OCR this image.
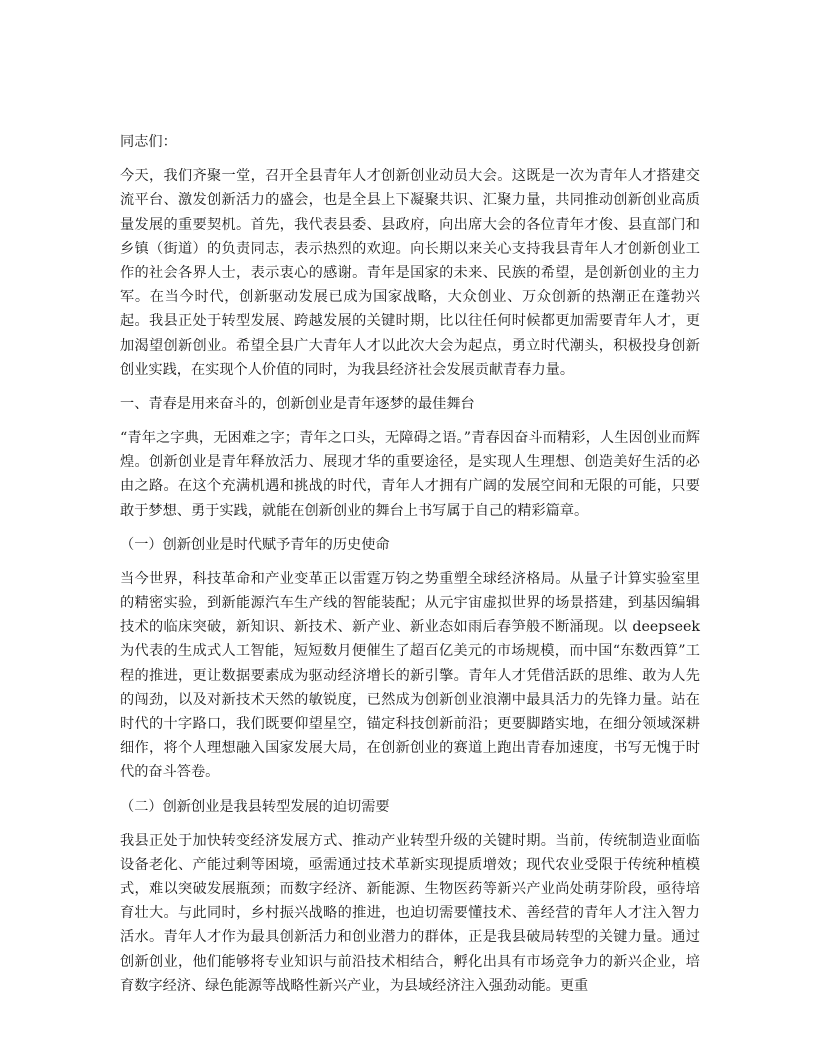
同志们：

今天，我们齐聚一堂，召开全县青年人才创新创业动员大会。这既是一次为青年人才搭建交流平台、激发创新活力的盛会，也是全县上下凝聚共识、汇聚力量，共同推动创新创业高质量发展的重要契机。首先，我代表县委、县政府，向出席大会的各位青年才俊、县直部门和乡镇（街道）的负责同志，表示热烈的欢迎。向长期以来关心支持我县青年人才创新创业工作的社会各界人士，表示衷心的感谢。青年是国家的未来、民族的希望，是创新创业的主力军。在当今时代，创新驱动发展已成为国家战略，大众创业、万众创新的热潮正在蓬勃兴起。我县正处于转型发展、跨越发展的关键时期，比以往任何时候都更加需要青年人才，更加渴望创新创业。希望全县广大青年人才以此次大会为起点，勇立时代潮头，积极投身创新创业实践，在实现个人价值的同时，为我县经济社会发展贡献青春力量。

一、青春是用来奋斗的，创新创业是青年逐梦的最佳舞台

“青年之字典，无困难之字；青年之口头，无障碍之语。”青春因奋斗而精彩，人生因创业而辉煌。创新创业是青年释放活力、展现才华的重要途径，是实现人生理想、创造美好生活的必由之路。在这个充满机遇和挑战的时代，青年人才拥有广阔的发展空间和无限的可能，只要敢于梦想、勇于实践，就能在创新创业的舞台上书写属于自己的精彩篇章。

（一）创新创业是时代赋予青年的历史使命

当今世界，科技革命和产业变革正以雷霆万钧之势重塑全球经济格局。从量子计算实验室里的精密实验，到新能源汽车生产线的智能装配；从元宇宙虚拟世界的场景搭建，到基因编辑技术的临床突破，新知识、新技术、新产业、新业态如雨后春笋般不断涌现。以 deepseek 为代表的生成式人工智能，短短数月便催生了超百亿美元的市场规模，而中国“东数西算”工程的推进，更让数据要素成为驱动经济增长的新引擎。青年人才凭借活跃的思维、敢为人先的闯劲，以及对新技术天然的敏锐度，已然成为创新创业浪潮中最具活力的先锋力量。站在时代的十字路口，我们既要仰望星空，锚定科技创新前沿；更要脚踏实地，在细分领域深耕细作，将个人理想融入国家发展大局，在创新创业的赛道上跑出青春加速度，书写无愧于时代的奋斗答卷。

（二）创新创业是我县转型发展的迫切需要

我县正处于加快转变经济发展方式、推动产业转型升级的关键时期。当前，传统制造业面临设备老化、产能过剩等困境，亟需通过技术革新实现提质增效；现代农业受限于传统种植模式，难以突破发展瓶颈；而数字经济、新能源、生物医药等新兴产业尚处萌芽阶段，亟待培育壮大。与此同时，乡村振兴战略的推进，也迫切需要懂技术、善经营的青年人才注入智力活水。青年人才作为最具创新活力和创业潜力的群体，正是我县破局转型的关键力量。通过创新创业，他们能够将专业知识与前沿技术相结合，孵化出具有市场竞争力的新兴企业，培育数字经济、绿色能源等战略性新兴产业，为县域经济注入强劲动能。更重
